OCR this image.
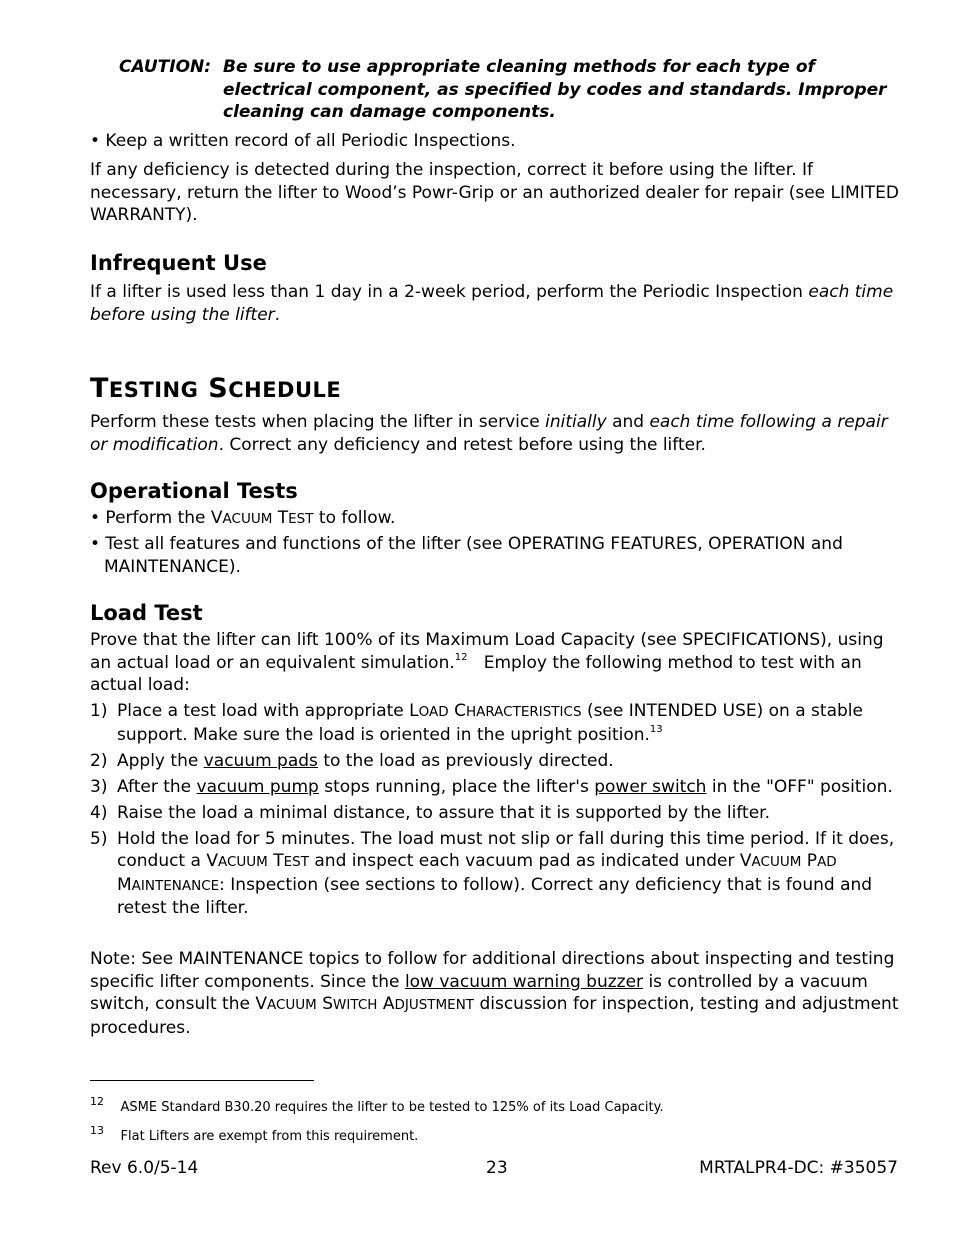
CAUTION: Be sure to use appropriate cleaning methods for each type of electrical component, as specified by codes and standards. Improper cleaning can damage components.

• Keep a written record of all Periodic Inspections.

If any deficiency is detected during the inspection, correct it before using the lifter. If necessary, return the lifter to Wood’s Powr-Grip or an authorized dealer for repair (see LIMITED WARRANTY).

Infrequent Use

If a lifter is used less than 1 day in a 2-week period, perform the Periodic Inspection each time before using the lifter.

TESTING SCHEDULE

Perform these tests when placing the lifter in service initially and each time following a repair or modification. Correct any deficiency and retest before using the lifter.

Operational Tests

• Perform the VACUUM TEST to follow.

• Test all features and functions of the lifter (see OPERATING FEATURES, OPERATION and MAINTENANCE).

Load Test

Prove that the lifter can lift 100% of its Maximum Load Capacity (see SPECIFICATIONS), using an actual load or an equivalent simulation.$^{12}$ Employ the following method to test with an actual load:

1) Place a test load with appropriate LOAD CHARACTERISTICS (see INTENDED USE) on a stable support. Make sure the load is oriented in the upright position.$^{13}$
2) Apply the vacuum pads to the load as previously directed.
3) After the vacuum pump stops running, place the lifter's power switch in the "OFF" position.
4) Raise the load a minimal distance, to assure that it is supported by the lifter.
5) Hold the load for 5 minutes. The load must not slip or fall during this time period. If it does, conduct a VACUUM TEST and inspect each vacuum pad as indicated under VACUUM PAD MAINTENANCE: Inspection (see sections to follow). Correct any deficiency that is found and retest the lifter.

Note: See MAINTENANCE topics to follow for additional directions about inspecting and testing specific lifter components. Since the low vacuum warning buzzer is controlled by a vacuum switch, consult the VACUUM SWITCH ADJUSTMENT discussion for inspection, testing and adjustment procedures.

$^{12}$ ASME Standard B30.20 requires the lifter to be tested to 125% of its Load Capacity.

$^{13}$ Flat Lifters are exempt from this requirement.

Rev 6.0/5-14	23	MRTALPR4-DC: #35057
